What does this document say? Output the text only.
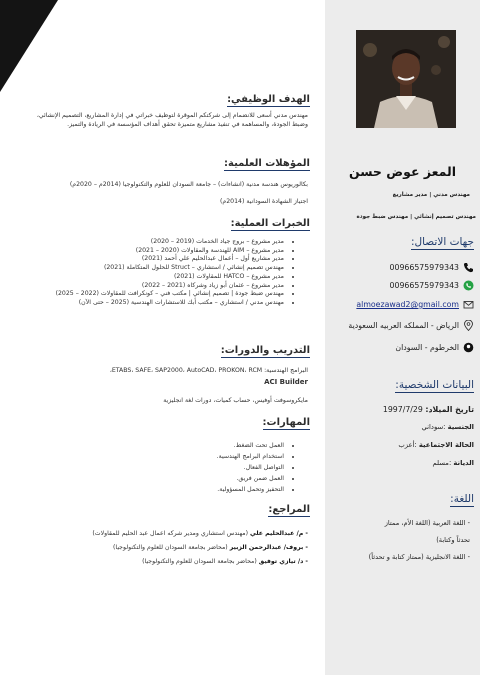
المعز عوض حسن
مهندس مدني | مدير مشاريع
مهندس تصميم إنشائي | مهندس ضبط جودة
جهات الاتصال:
00966575979343
00966575979343
almoezawad2@gmail.com
الرياض - المملكه العربيه السعودية
الخرطوم - السودان
البيانات الشخصية:
تاريخ الميلاد: 1997/7/29
الجنسية :سوداني
الحالة الاجتماعية :أعزب
الديانة :مسلم
اللغة:
- اللغة العربية (اللغة الأم، ممتاز
تحدثاً وكتابة)
- اللغة الانجليزية (ممتاز كتابة و تحدثاً)
الهدف الوظيفي:
مهندس مدني أسعى للانضمام إلى شركتكم الموقرة لتوظيف خبراتي في إدارة المشاريع، التصميم الإنشائي، وضبط الجودة، والمساهمة في تنفيذ مشاريع متميزة تحقق أهداف المؤسسة في الريادة والتميز.
المؤهلات العلمية:
بكالوريوس هندسة مدنية (انشاءات) – جامعة السودان للعلوم والتكنولوجيا (2014م – 2020م)
اجتياز الشهادة السودانية (2014م)
الخبرات العملية:
• مدير مشروع – بروج جياد الخدمات (2019 – 2020)
• مدير مشروع – AIM للهندسة والمقاولات (2020 – 2021)
• مدير مشاريع أول – أعمال عبدالحليم علي أحمد (2021)
• مهندس تصميم إنشائي / استشاري – Struct للحلول المتكاملة (2021)
• مدير مشروع – HATCO للمقاولات (2021)
• مدير مشروع – عثمان أبو زياد وشركاه (2021 – 2022)
• مهندس ضبط جودة | تصميم إنشائي | مكتب فني – كونكرافت للمقاولات (2022 – 2025)
• مهندس مدني / استشاري – مكتب أبك للاستشارات الهندسية (2025 – حتى الآن)
التدريب والدورات:
البرامج الهندسية: ETABS، SAFE، SAP2000، AutoCAD، PROKON، RCM،
ACI Builder
مايكروسوفت أوفيس، حساب كميات، دورات لغة انجليزية
المهارات:
• العمل تحت الضغط.
• استخدام البرامج الهندسية.
• التواصل الفعال.
• العمل ضمن فريق.
• التحفيز وتحمل المسؤولية.
المراجع:
- م/ عبدالحليم علي (مهندس استشاري ومدير شركه اعمال عبد الحليم للمقاولات)
- بروف/ عبدالرحمن الزبير (محاضر بجامعة السودان للعلوم والتكنولوجيا)
- د/ تيازي توفيق (محاضر بجامعة السودان للعلوم والتكنولوجيا)
